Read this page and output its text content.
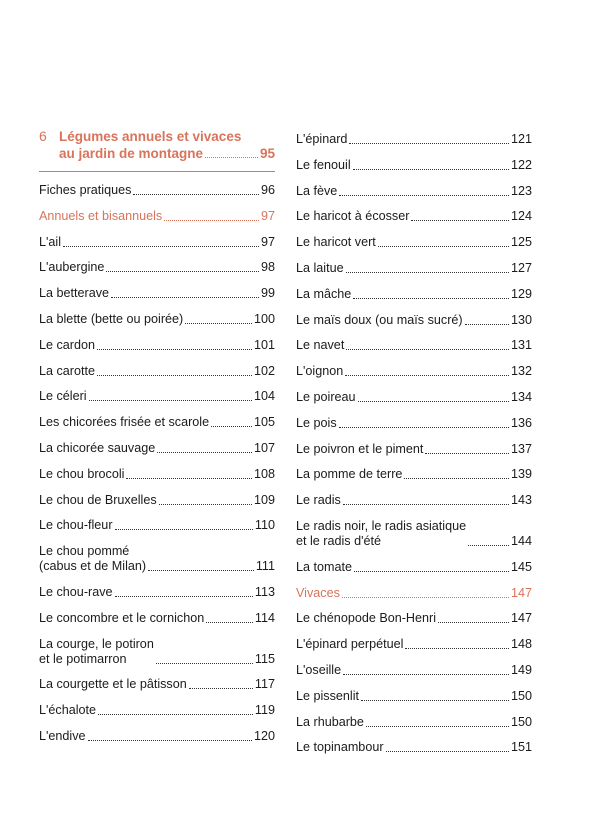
6 Légumes annuels et vivaces
au jardin de montagne	95
Fiches pratiques	96
Annuels et bisannuels	97
L'ail	97
L'aubergine	98
La betterave	99
La blette (bette ou poirée)	100
Le cardon	101
La carotte	102
Le céleri	104
Les chicorées frisée et scarole	105
La chicorée sauvage	107
Le chou brocoli	108
Le chou de Bruxelles	109
Le chou-fleur	110
Le chou pommé
(cabus et de Milan)	111
Le chou-rave	113
Le concombre et le cornichon	114
La courge, le potiron
et le potimarron	115
La courgette et le pâtisson	117
L'échalote	119
L'endive	120
L'épinard	121
Le fenouil	122
La fève	123
Le haricot à écosser	124
Le haricot vert	125
La laitue	127
La mâche	129
Le maïs doux (ou maïs sucré)	130
Le navet	131
L'oignon	132
Le poireau	134
Le pois	136
Le poivron et le piment	137
La pomme de terre	139
Le radis	143
Le radis noir, le radis asiatique
et le radis d'été	144
La tomate	145
Vivaces	147
Le chénopode Bon-Henri	147
L'épinard perpétuel	148
L'oseille	149
Le pissenlit	150
La rhubarbe	150
Le topinambour	151
